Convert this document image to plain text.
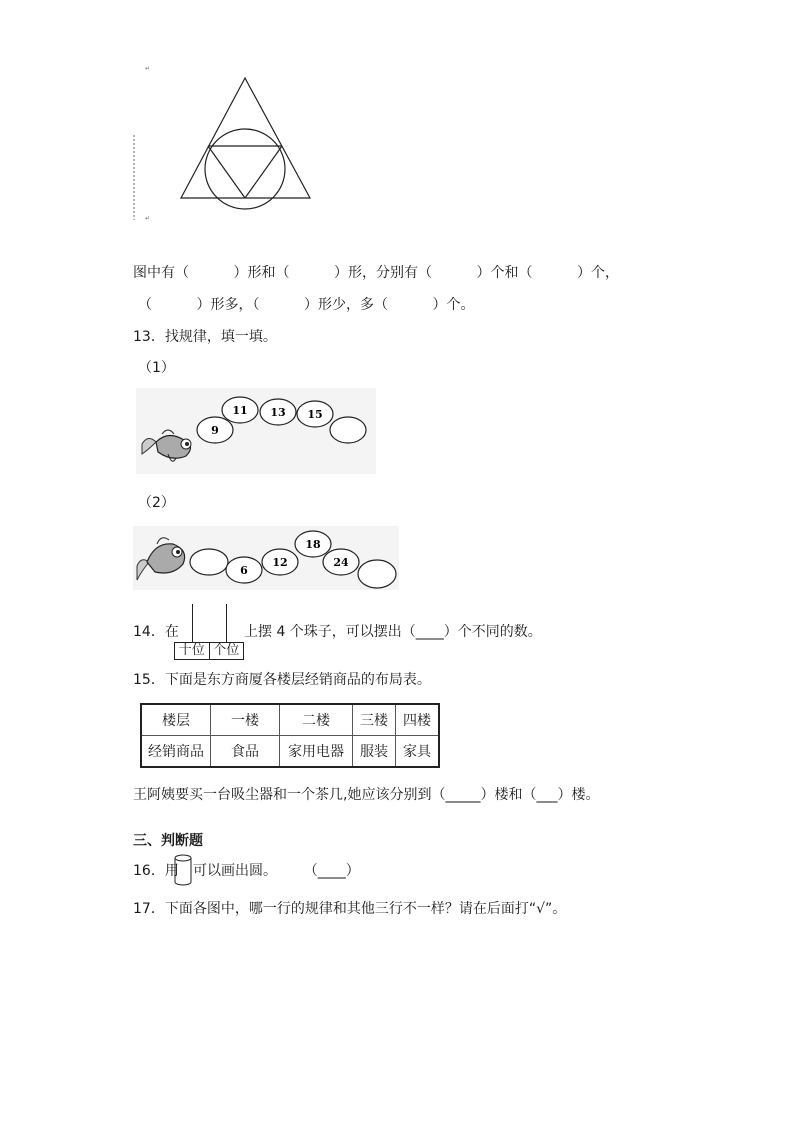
↵
↵
图中有（          ）形和（          ）形，分别有（          ）个和（          ）个，
（          ）形多，（          ）形少，多（          ）个。
13．找规律，填一填。
（1）
9
11 13 15
（2）
6
12
18
24
14．在
十位 个位
上摆 4 个珠子，可以摆出（____）个不同的数。
15．下面是东方商厦各楼层经销商品的布局表。
楼层	一楼	二楼	三楼	四楼
经销商品	食品	家用电器	服装	家具
王阿姨要买一台吸尘器和一个茶几,她应该分别到（_____）楼和（___）楼。
三、判断题
16．用 可以画出圆。      （____）
17．下面各图中，哪一行的规律和其他三行不一样？请在后面打“√”。
